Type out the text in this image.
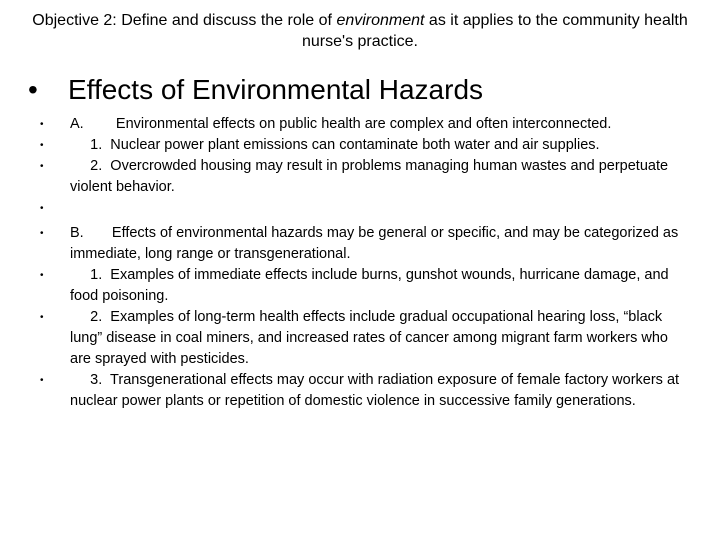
Objective 2: Define and discuss the role of environment as it applies to the community health nurse's practice.
• Effects of Environmental Hazards
• A.        Environmental effects on public health are complex and often interconnected.
• 1.  Nuclear power plant emissions can contaminate both water and air supplies.
• 2.  Overcrowded housing may result in problems managing human wastes and perpetuate violent behavior.
•
• B.       Effects of environmental hazards may be general or specific, and may be categorized as immediate, long range or transgenerational.
• 1.  Examples of immediate effects include burns, gunshot wounds, hurricane damage, and food poisoning.
• 2.  Examples of long-term health effects include gradual occupational hearing loss, “black lung” disease in coal miners, and increased rates of cancer among migrant farm workers who are sprayed with pesticides.
• 3.  Transgenerational effects may occur with radiation exposure of female factory workers at nuclear power plants or repetition of domestic violence in successive family generations.
